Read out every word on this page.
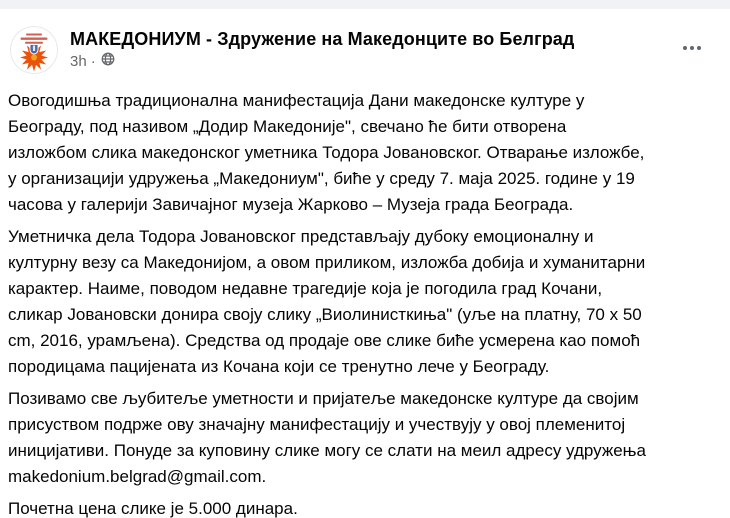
МАКЕДОНИУМ - Здружение на Македонците во Белград
3h ·
Овогодишња традиционална манифестација Дани македонске културе у
Београду, под називом „Додир Македоније", свечано ће бити отворена
изложбом слика македонског уметника Тодора Јовановског. Отварање изложбе,
у организацији удружења „Македониум", биће у среду 7. маја 2025. године у 19
часова у галерији Завичајног музеја Жарково – Музеја града Београда.
Уметничка дела Тодора Јовановског представљају дубоку емоционалну и
културну везу са Македонијом, а овом приликом, изложба добија и хуманитарни
карактер. Наиме, поводом недавне трагедије која је погодила град Кочани,
сликар Јовановски донира своју слику „Виолинисткиња" (уље на платну, 70 x 50
cm, 2016, урамљена). Средства од продаје ове слике биће усмерена као помоћ
породицама пацијената из Кочана који се тренутно лече у Београду.
Позивамо све љубитеље уметности и пријатеље македонске културе да својим
присуством подрже ову значајну манифестацију и учествују у овој племенитој
иницијативи. Понуде за куповину слике могу се слати на меил адресу удружења
makedonium.belgrad@gmail.com.
Почетна цена слике је 5.000 динара.
